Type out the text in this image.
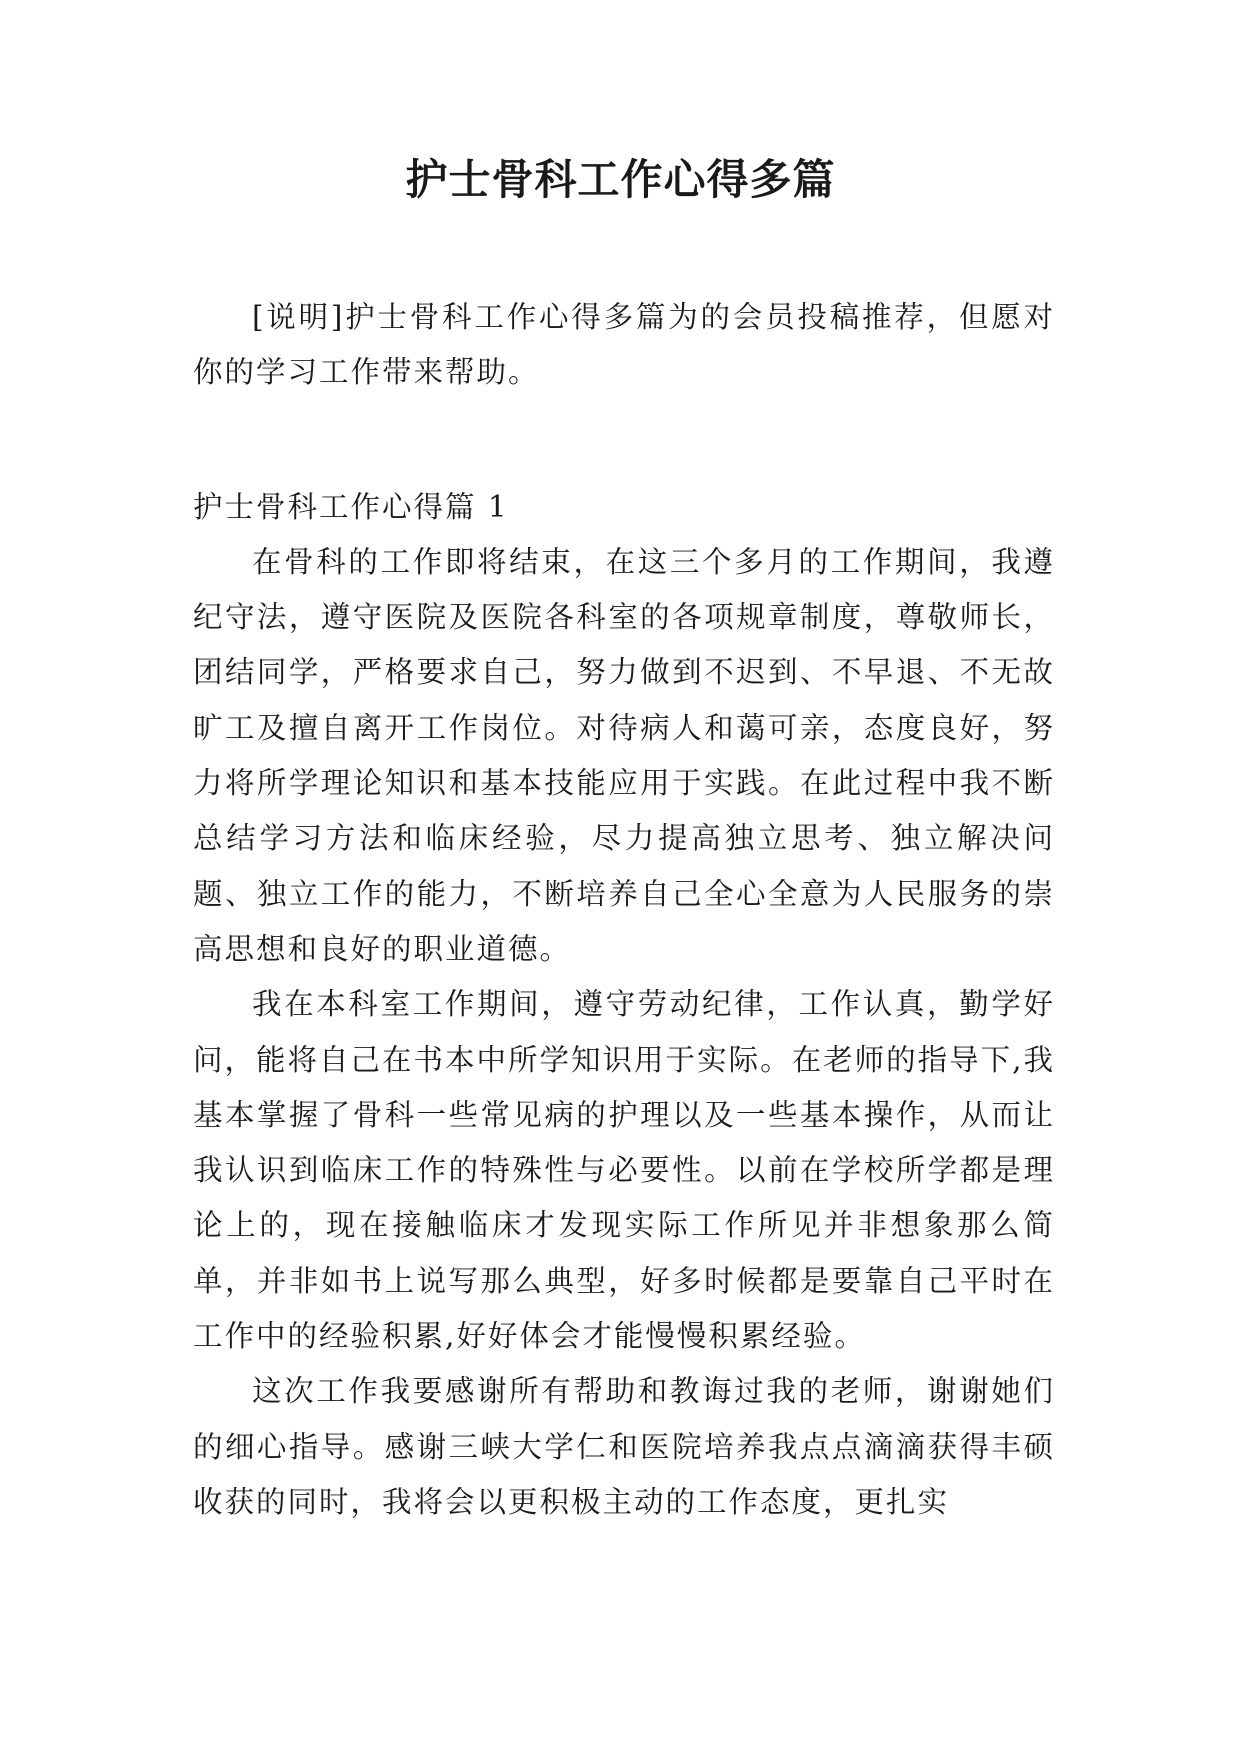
护士骨科工作心得多篇

[说明]护士骨科工作心得多篇为的会员投稿推荐，但愿对你的学习工作带来帮助。

护士骨科工作心得篇 1

在骨科的工作即将结束，在这三个多月的工作期间，我遵纪守法，遵守医院及医院各科室的各项规章制度，尊敬师长，团结同学，严格要求自己，努力做到不迟到、不早退、不无故旷工及擅自离开工作岗位。对待病人和蔼可亲，态度良好，努力将所学理论知识和基本技能应用于实践。在此过程中我不断总结学习方法和临床经验，尽力提高独立思考、独立解决问题、独立工作的能力，不断培养自己全心全意为人民服务的崇高思想和良好的职业道德。

我在本科室工作期间，遵守劳动纪律，工作认真，勤学好问，能将自己在书本中所学知识用于实际。在老师的指导下,我基本掌握了骨科一些常见病的护理以及一些基本操作，从而让我认识到临床工作的特殊性与必要性。以前在学校所学都是理论上的，现在接触临床才发现实际工作所见并非想象那么简单，并非如书上说写那么典型，好多时候都是要靠自己平时在工作中的经验积累,好好体会才能慢慢积累经验。

这次工作我要感谢所有帮助和教诲过我的老师，谢谢她们的细心指导。感谢三峡大学仁和医院培养我点点滴滴获得丰硕收获的同时，我将会以更积极主动的工作态度，更扎实
